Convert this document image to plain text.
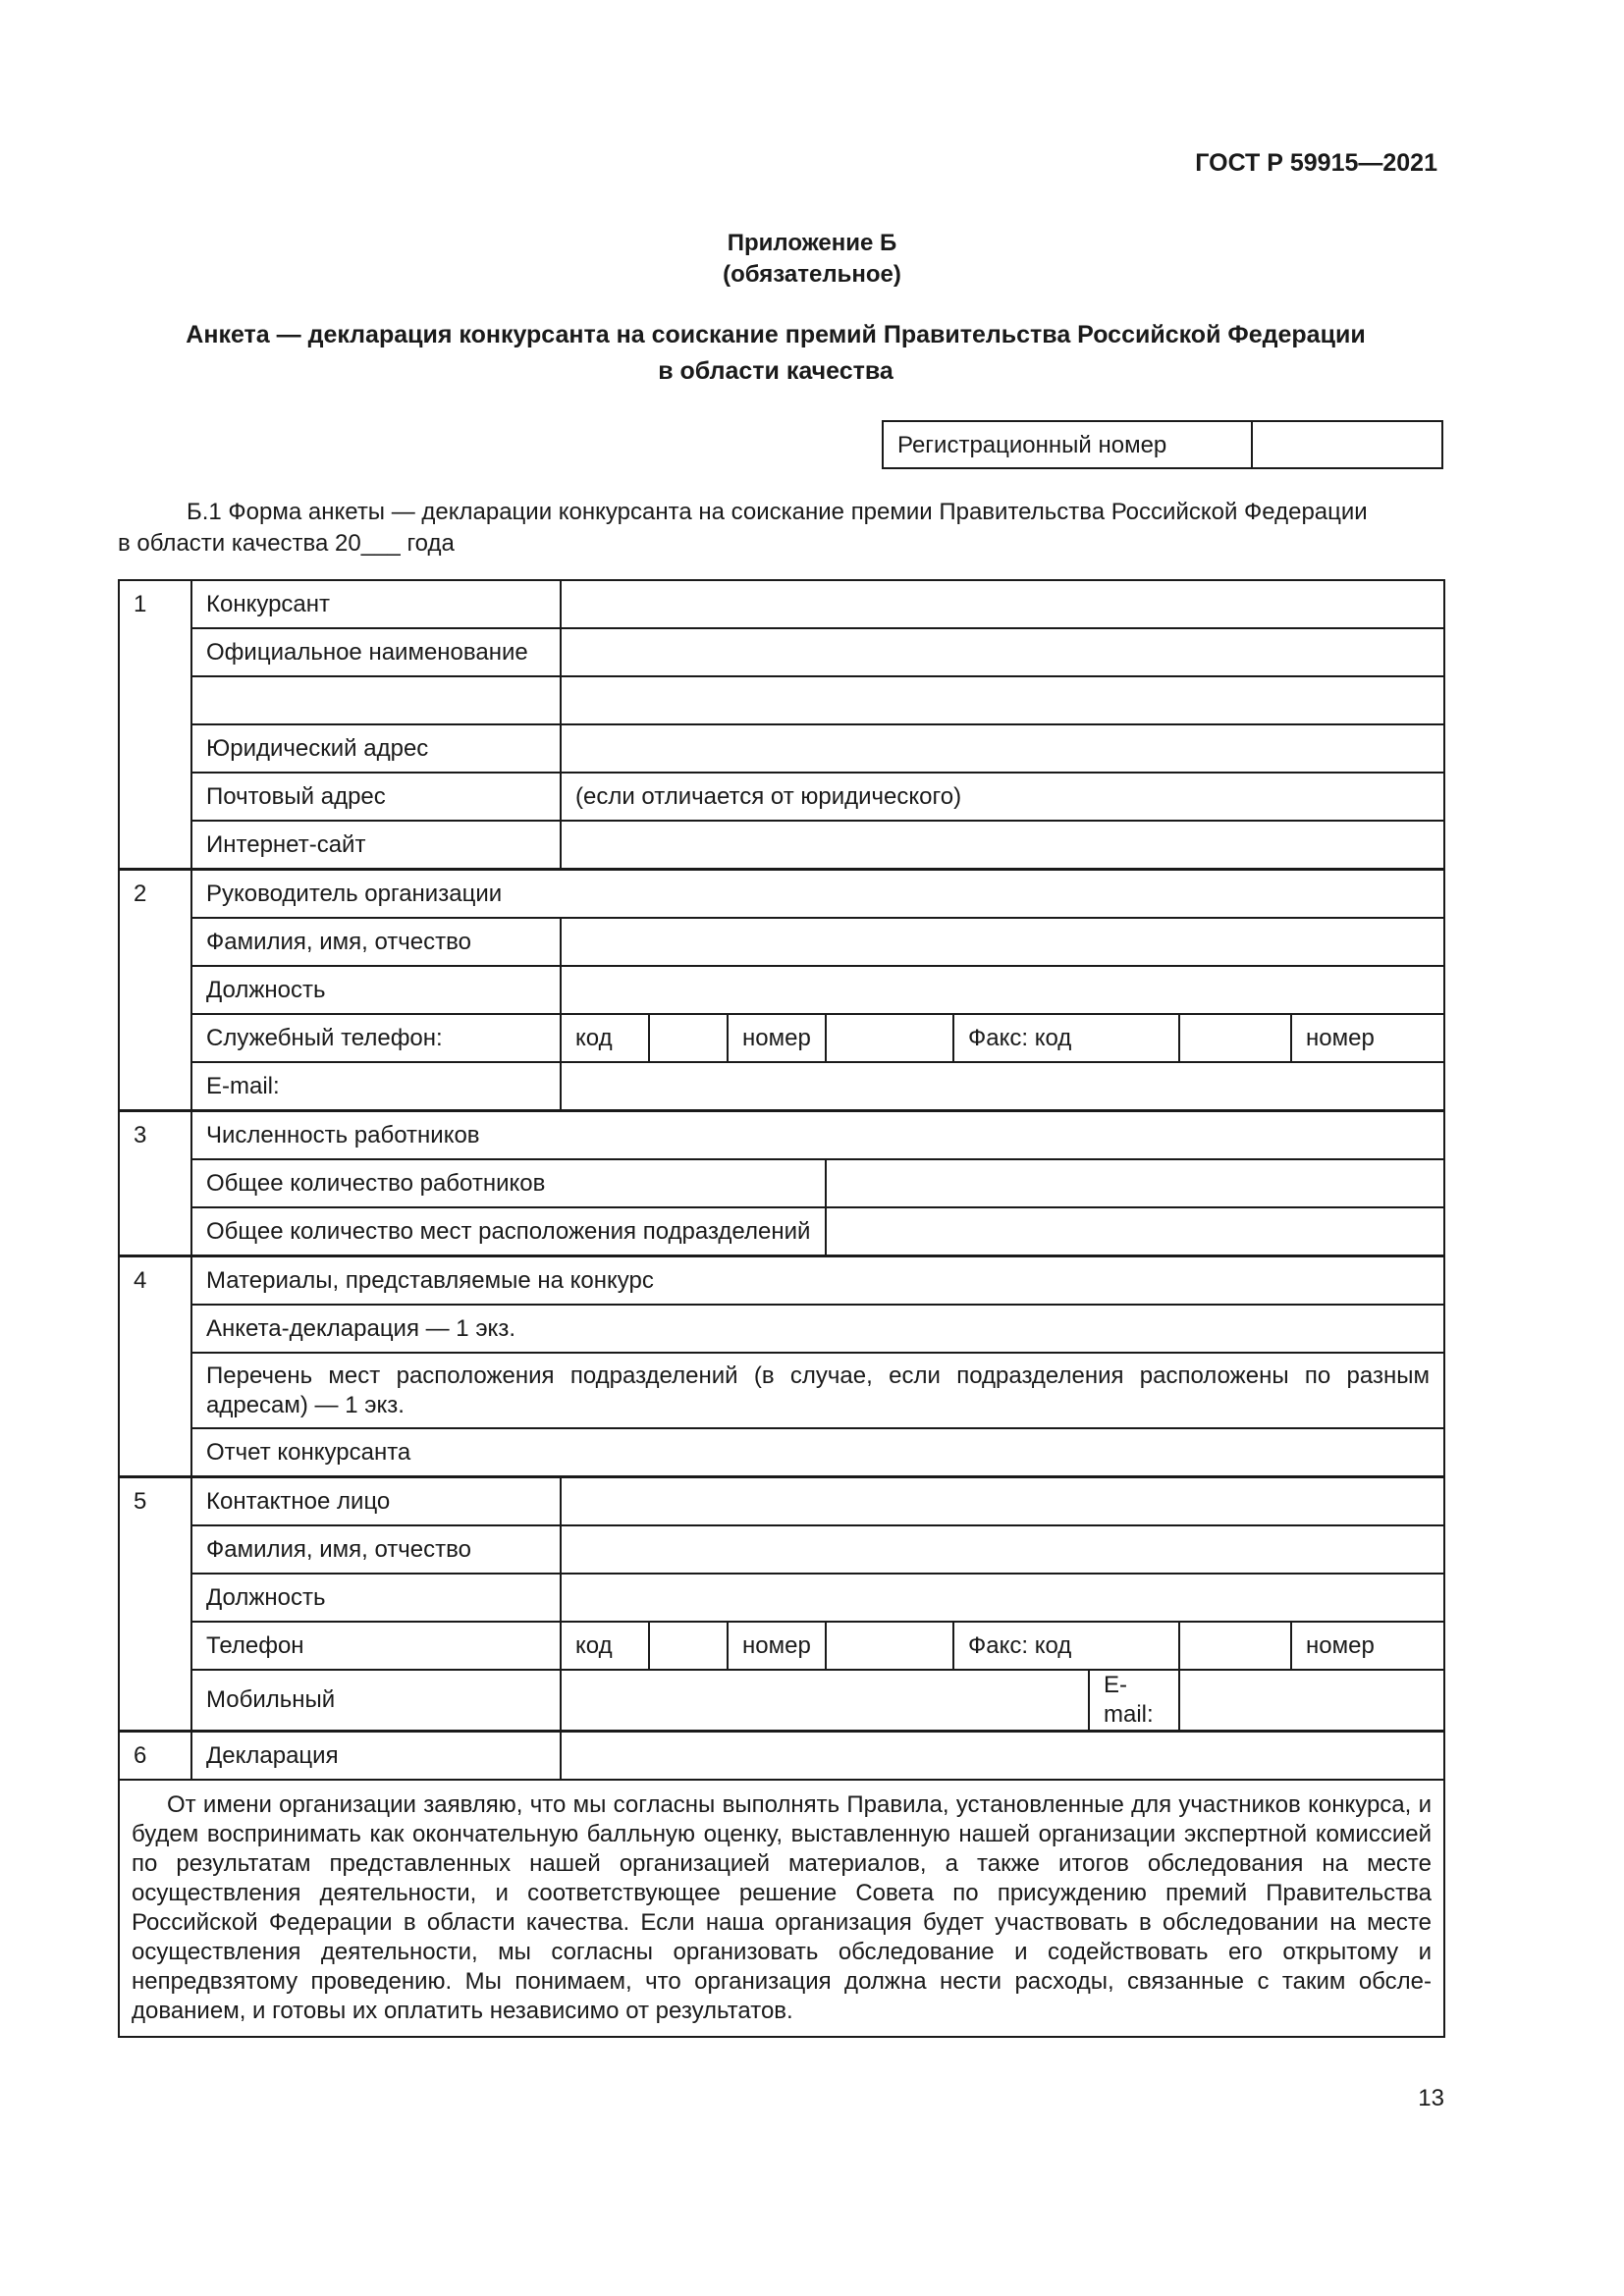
ГОСТ Р 59915—2021
Приложение Б
(обязательное)
Анкета — декларация конкурсанта на соискание премий Правительства Российской Федерации
в области качества
Регистрационный номер

Б.1 Форма анкеты — декларации конкурсанта на соискание премии Правительства Российской Федерации

в области качества 20___ года

1	Конкурсант									
	Официальное наименование									

	Юридический адрес									
	Почтовый адрес	(если отличается от юридического)								
	Интернет-сайт									
2	Руководитель организации									
	Фамилия, имя, отчество									
	Должность									
	Служебный телефон:	код		номер		Факс: код			номер	
	E-mail:									
3	Численность работников									
	Общее количество работников									
	Общее количество мест расположения подразделений									
4	Материалы, представляемые на конкурс									
	Анкета-декларация — 1 экз.									
	Перечень мест расположения подразделений (в случае, если подразделения расположены по разным адресам) — 1 экз.									
	Отчет конкурсанта									
5	Контактное лицо									
	Фамилия, имя, отчество									
	Должность									
	Телефон	код		номер		Факс: код			номер	
	Мобильный						E-mail:			
6	Декларация									
От имени организации заявляю, что мы согласны выполнять Правила, установленные для участников конкурса, и будем воспринимать как окончательную балльную оценку, выставленную нашей организации экспертной комиссией по результатам представленных нашей организацией материалов, а также итогов обследования на месте осуществления деятельности, и соответствующее решение Совета по присуждению премий Правительства Российской Федерации в области качества. Если наша организация будет участвовать в обследовании на месте осуществления деятельности, мы согласны организовать обследование и содействовать его открытому и непредвзятому проведению. Мы понимаем, что организация должна нести расходы, связанные с таким обследованием, и готовы их оплатить независимо от результатов.										
13
